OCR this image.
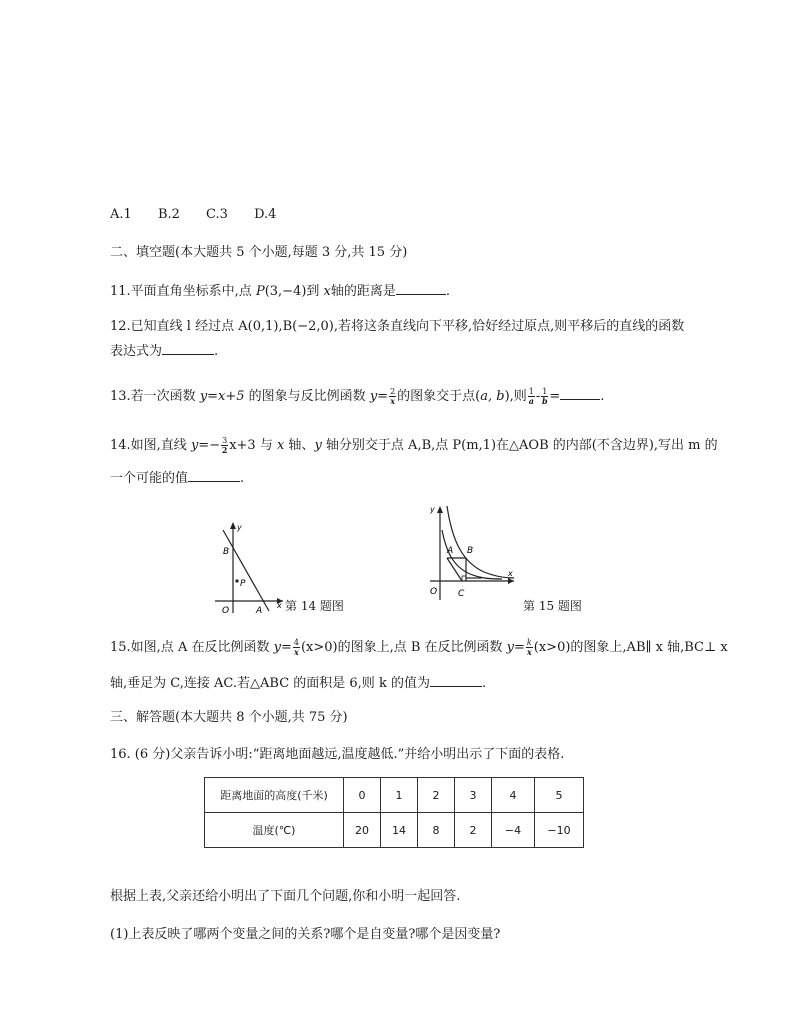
A.1 B.2 C.3 D.4
二、填空题(本大题共 5 个小题,每题 3 分,共 15 分)
11.平面直角坐标系中,点 P(3,−4)到 x轴的距离是	.
12.已知直线 l 经过点 A(0,1),B(−2,0),若将这条直线向下平移,恰好经过原点,则平移后的直线的函数
表达式为	.
13.若一次函数 y=x+5 的图象与反比例函数 $y= \frac{2}{x}$ 的图象交于点(a, b),则 $\frac{1}{a} - \frac{1}{b}$ =	.
14.如图,直线 $y=- \frac{3}{2} x+3$ 与 x 轴、y 轴分别交于点 A,B,点 P(m,1)在△AOB 的内部(不含边界),写出 m 的
一个可能的值	.
y
x
B
P
O	A 第 14 题图
y
x
A B
O C
第 15 题图
15.如图,点 A 在反比例函数 $y= \frac{4}{x} (x>0)$的图象上,点 B 在反比例函数 $y= \frac{k}{x} (x>0)$的图象上,AB∥ x 轴,BC⊥ x
轴,垂足为 C,连接 AC.若△ABC 的面积是 6,则 k 的值为	.
三、解答题(本大题共 8 个小题,共 75 分)
16. (6 分)父亲告诉小明:“距离地面越远,温度越低.”并给小明出示了下面的表格.
距离地面的高度(千米)	0	1	2	3	4	5
温度(℃)	20	14	8	2	−4	−10
根据上表,父亲还给小明出了下面几个问题,你和小明一起回答.
(1)上表反映了哪两个变量之间的关系?哪个是自变量?哪个是因变量?
